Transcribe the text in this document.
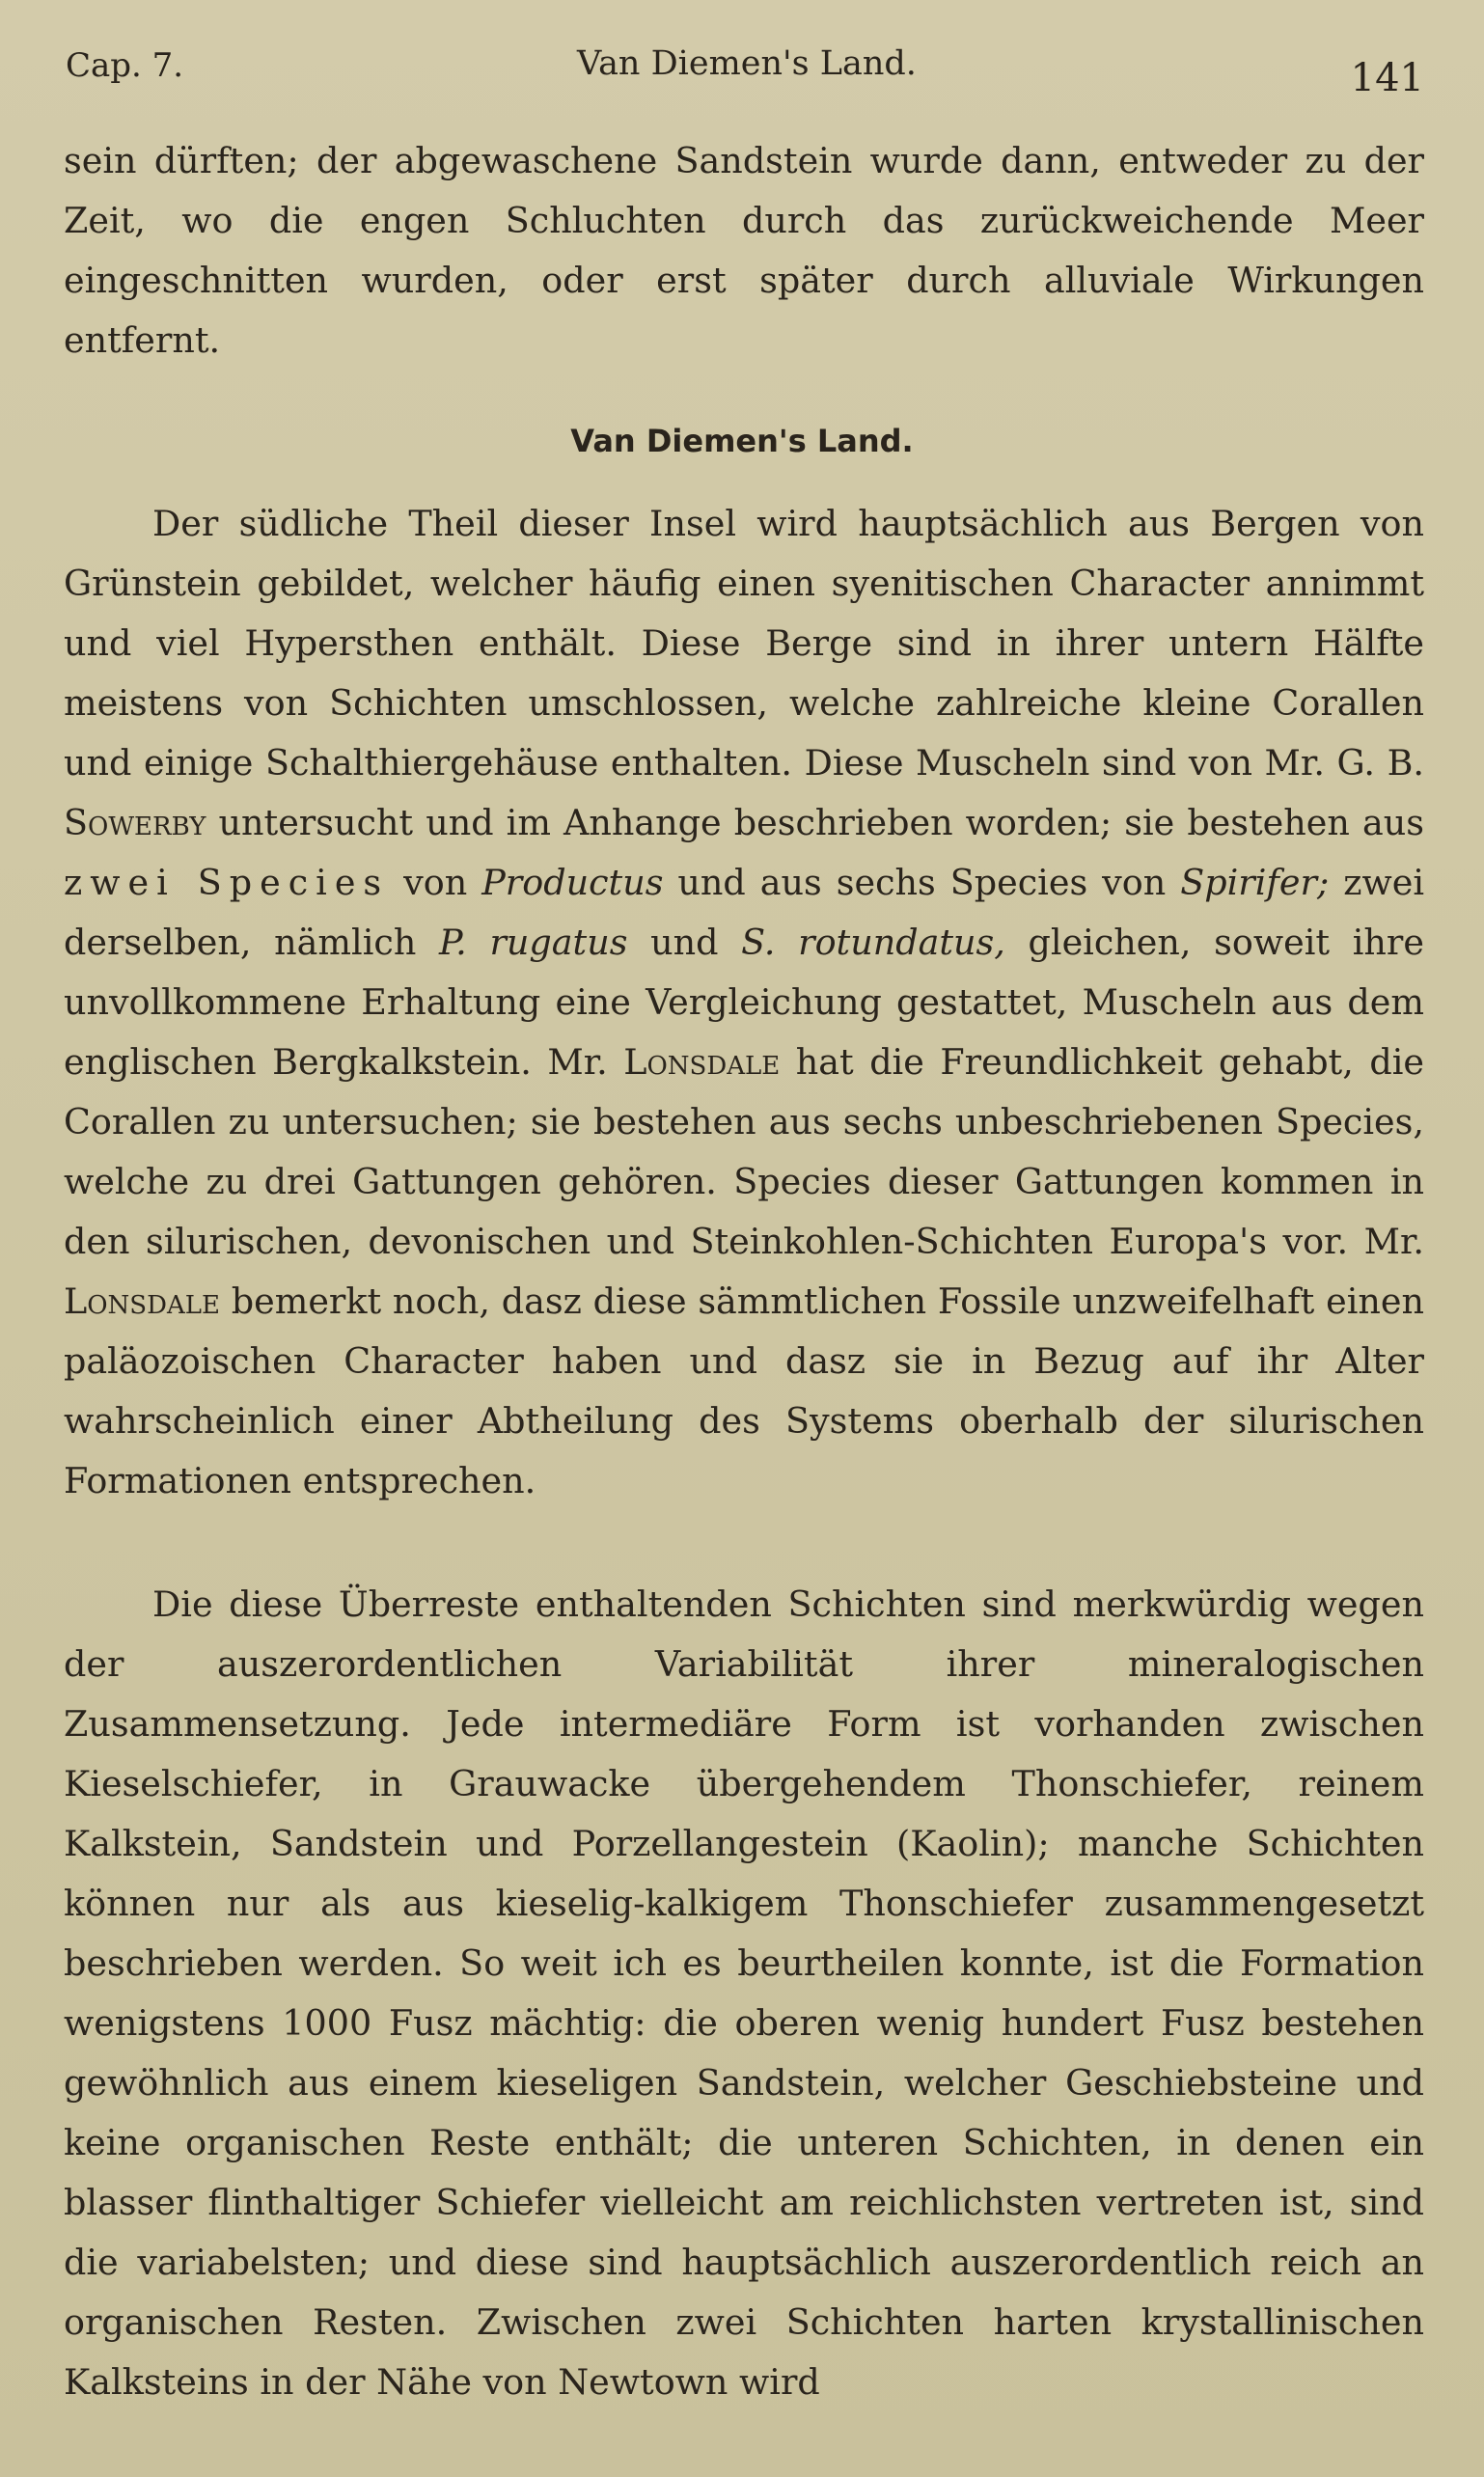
Cap. 7.	Van Diemen's Land.	141

sein dürften; der abgewaschene Sandstein wurde dann, entweder zu der Zeit, wo die engen Schluchten durch das zurückweichende Meer eingeschnitten wurden, oder erst später durch alluviale Wirkungen entfernt.

Van Diemen's Land.

Der südliche Theil dieser Insel wird hauptsächlich aus Bergen von Grünstein gebildet, welcher häufig einen syenitischen Character annimmt und viel Hypersthen enthält. Diese Berge sind in ihrer untern Hälfte meistens von Schichten umschlossen, welche zahlreiche kleine Corallen und einige Schalthiergehäuse enthalten. Diese Muscheln sind von Mr. G. B. Sowerby untersucht und im Anhange beschrieben worden; sie bestehen aus zwei Species von Productus und aus sechs Species von Spirifer; zwei derselben, nämlich P. rugatus und S. rotundatus, gleichen, soweit ihre unvollkommene Erhaltung eine Vergleichung gestattet, Muscheln aus dem englischen Bergkalkstein. Mr. Lonsdale hat die Freundlichkeit gehabt, die Corallen zu untersuchen; sie bestehen aus sechs unbeschriebenen Species, welche zu drei Gattungen gehören. Species dieser Gattungen kommen in den silurischen, devonischen und Steinkohlen-Schichten Europa's vor. Mr. Lonsdale bemerkt noch, dasz diese sämmtlichen Fossile unzweifelhaft einen paläozoischen Character haben und dasz sie in Bezug auf ihr Alter wahrscheinlich einer Abtheilung des Systems oberhalb der silurischen Formationen entsprechen.

Die diese Überreste enthaltenden Schichten sind merkwürdig wegen der auszerordentlichen Variabilität ihrer mineralogischen Zusammensetzung. Jede intermediäre Form ist vorhanden zwischen Kieselschiefer, in Grauwacke übergehendem Thonschiefer, reinem Kalkstein, Sandstein und Porzellangestein (Kaolin); manche Schichten können nur als aus kieselig-kalkigem Thonschiefer zusammengesetzt beschrieben werden. So weit ich es beurtheilen konnte, ist die Formation wenigstens 1000 Fusz mächtig: die oberen wenig hundert Fusz bestehen gewöhnlich aus einem kieseligen Sandstein, welcher Geschiebsteine und keine organischen Reste enthält; die unteren Schichten, in denen ein blasser flinthaltiger Schiefer vielleicht am reichlichsten vertreten ist, sind die variabelsten; und diese sind hauptsächlich auszerordentlich reich an organischen Resten. Zwischen zwei Schichten harten krystallinischen Kalksteins in der Nähe von Newtown wird
